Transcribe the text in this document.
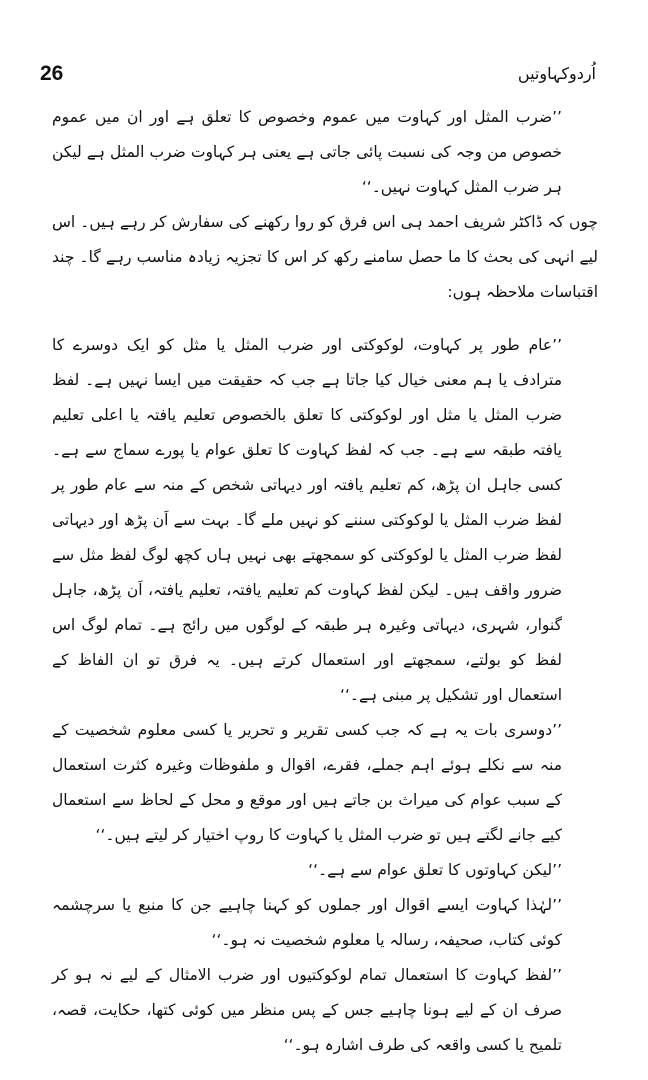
26	اُردوکہاوتیں

’’ضرب المثل اور کہاوت میں عموم وخصوص کا تعلق ہے اور ان میں عموم خصوص من وجہ کی نسبت پائی جاتی ہے یعنی ہر کہاوت ضرب المثل ہے لیکن ہر ضرب المثل کہاوت نہیں۔‘‘

چوں کہ ڈاکٹر شریف احمد ہی اس فرق کو روا رکھنے کی سفارش کر رہے ہیں۔ اس لیے انہی کی بحث کا ما حصل سامنے رکھ کر اس کا تجزیہ زیادہ مناسب رہے گا۔ چند اقتباسات ملاحظہ ہوں:

’’عام طور پر کہاوت، لوکوکتی اور ضرب المثل یا مثل کو ایک دوسرے کا مترادف یا ہم معنی خیال کیا جاتا ہے جب کہ حقیقت میں ایسا نہیں ہے۔ لفظ ضرب المثل یا مثل اور لوکوکتی کا تعلق بالخصوص تعلیم یافتہ یا اعلی تعلیم یافتہ طبقہ سے ہے۔ جب کہ لفظ کہاوت کا تعلق عوام یا پورے سماج سے ہے۔ کسی جاہل ان پڑھ، کم تعلیم یافتہ اور دیہاتی شخص کے منہ سے عام طور پر لفظ ضرب المثل یا لوکوکتی سننے کو نہیں ملے گا۔ بہت سے اَن پڑھ اور دیہاتی لفظ ضرب المثل یا لوکوکتی کو سمجھتے بھی نہیں ہاں کچھ لوگ لفظ مثل سے ضرور واقف ہیں۔ لیکن لفظ کہاوت کم تعلیم یافتہ، تعلیم یافتہ، اَن پڑھ، جاہل گنوار، شہری، دیہاتی وغیرہ ہر طبقہ کے لوگوں میں رائج ہے۔ تمام لوگ اس لفظ کو بولتے، سمجھتے اور استعمال کرتے ہیں۔ یہ فرق تو ان الفاظ کے استعمال اور تشکیل پر مبنی ہے۔‘‘

’’دوسری بات یہ ہے کہ جب کسی تقریر و تحریر یا کسی معلوم شخصیت کے منہ سے نکلے ہوئے اہم جملے، فقرے، اقوال و ملفوظات وغیرہ کثرت استعمال کے سبب عوام کی میراث بن جاتے ہیں اور موقع و محل کے لحاظ سے استعمال کیے جانے لگتے ہیں تو ضرب المثل یا کہاوت کا روپ اختیار کر لیتے ہیں۔‘‘

’’لیکن کہاوتوں کا تعلق عوام سے ہے۔‘‘

’’لہٰذا کہاوت ایسے اقوال اور جملوں کو کہنا چاہیے جن کا منبع یا سرچشمہ کوئی کتاب، صحیفہ، رسالہ یا معلوم شخصیت نہ ہو۔‘‘

’’لفظ کہاوت کا استعمال تمام لوکوکتیوں اور ضرب الامثال کے لیے نہ ہو کر صرف ان کے لیے ہونا چاہیے جس کے پس منظر میں کوئی کتھا، حکایت، قصہ، تلمیح یا کسی واقعہ کی طرف اشارہ ہو۔‘‘
